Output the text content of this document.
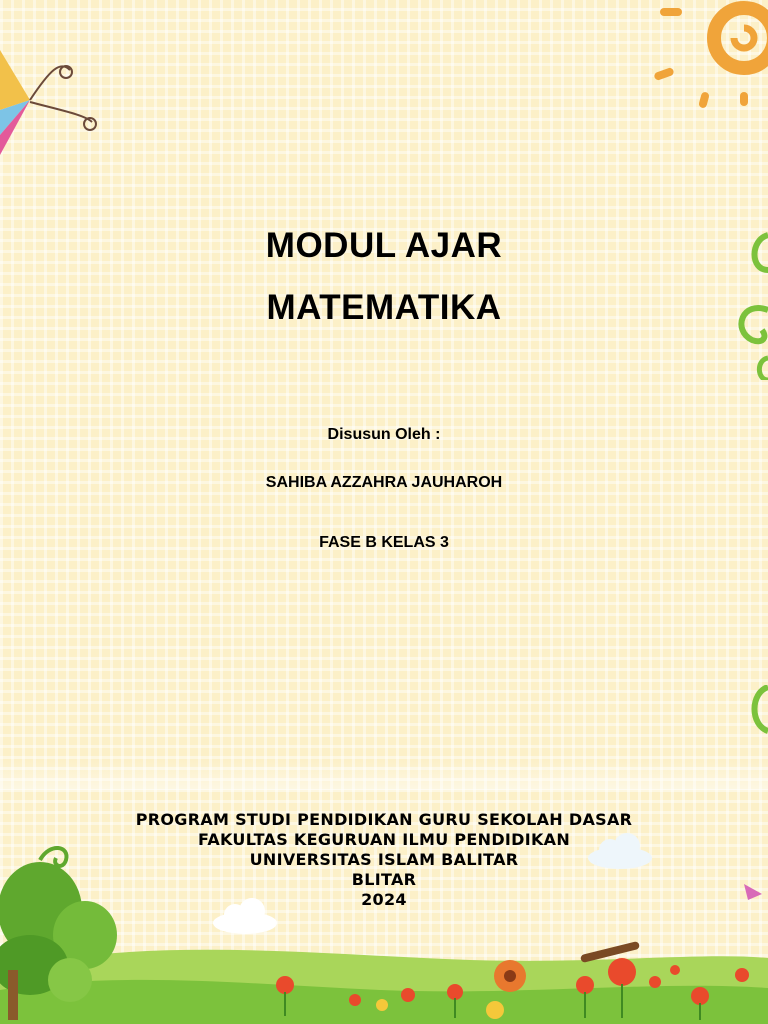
MODUL AJAR
MATEMATIKA
Disusun Oleh :
SAHIBA AZZAHRA JAUHAROH
FASE B KELAS 3
PROGRAM STUDI PENDIDIKAN GURU SEKOLAH DASAR
FAKULTAS KEGURUAN ILMU PENDIDIKAN
UNIVERSITAS ISLAM BALITAR
BLITAR
2024
